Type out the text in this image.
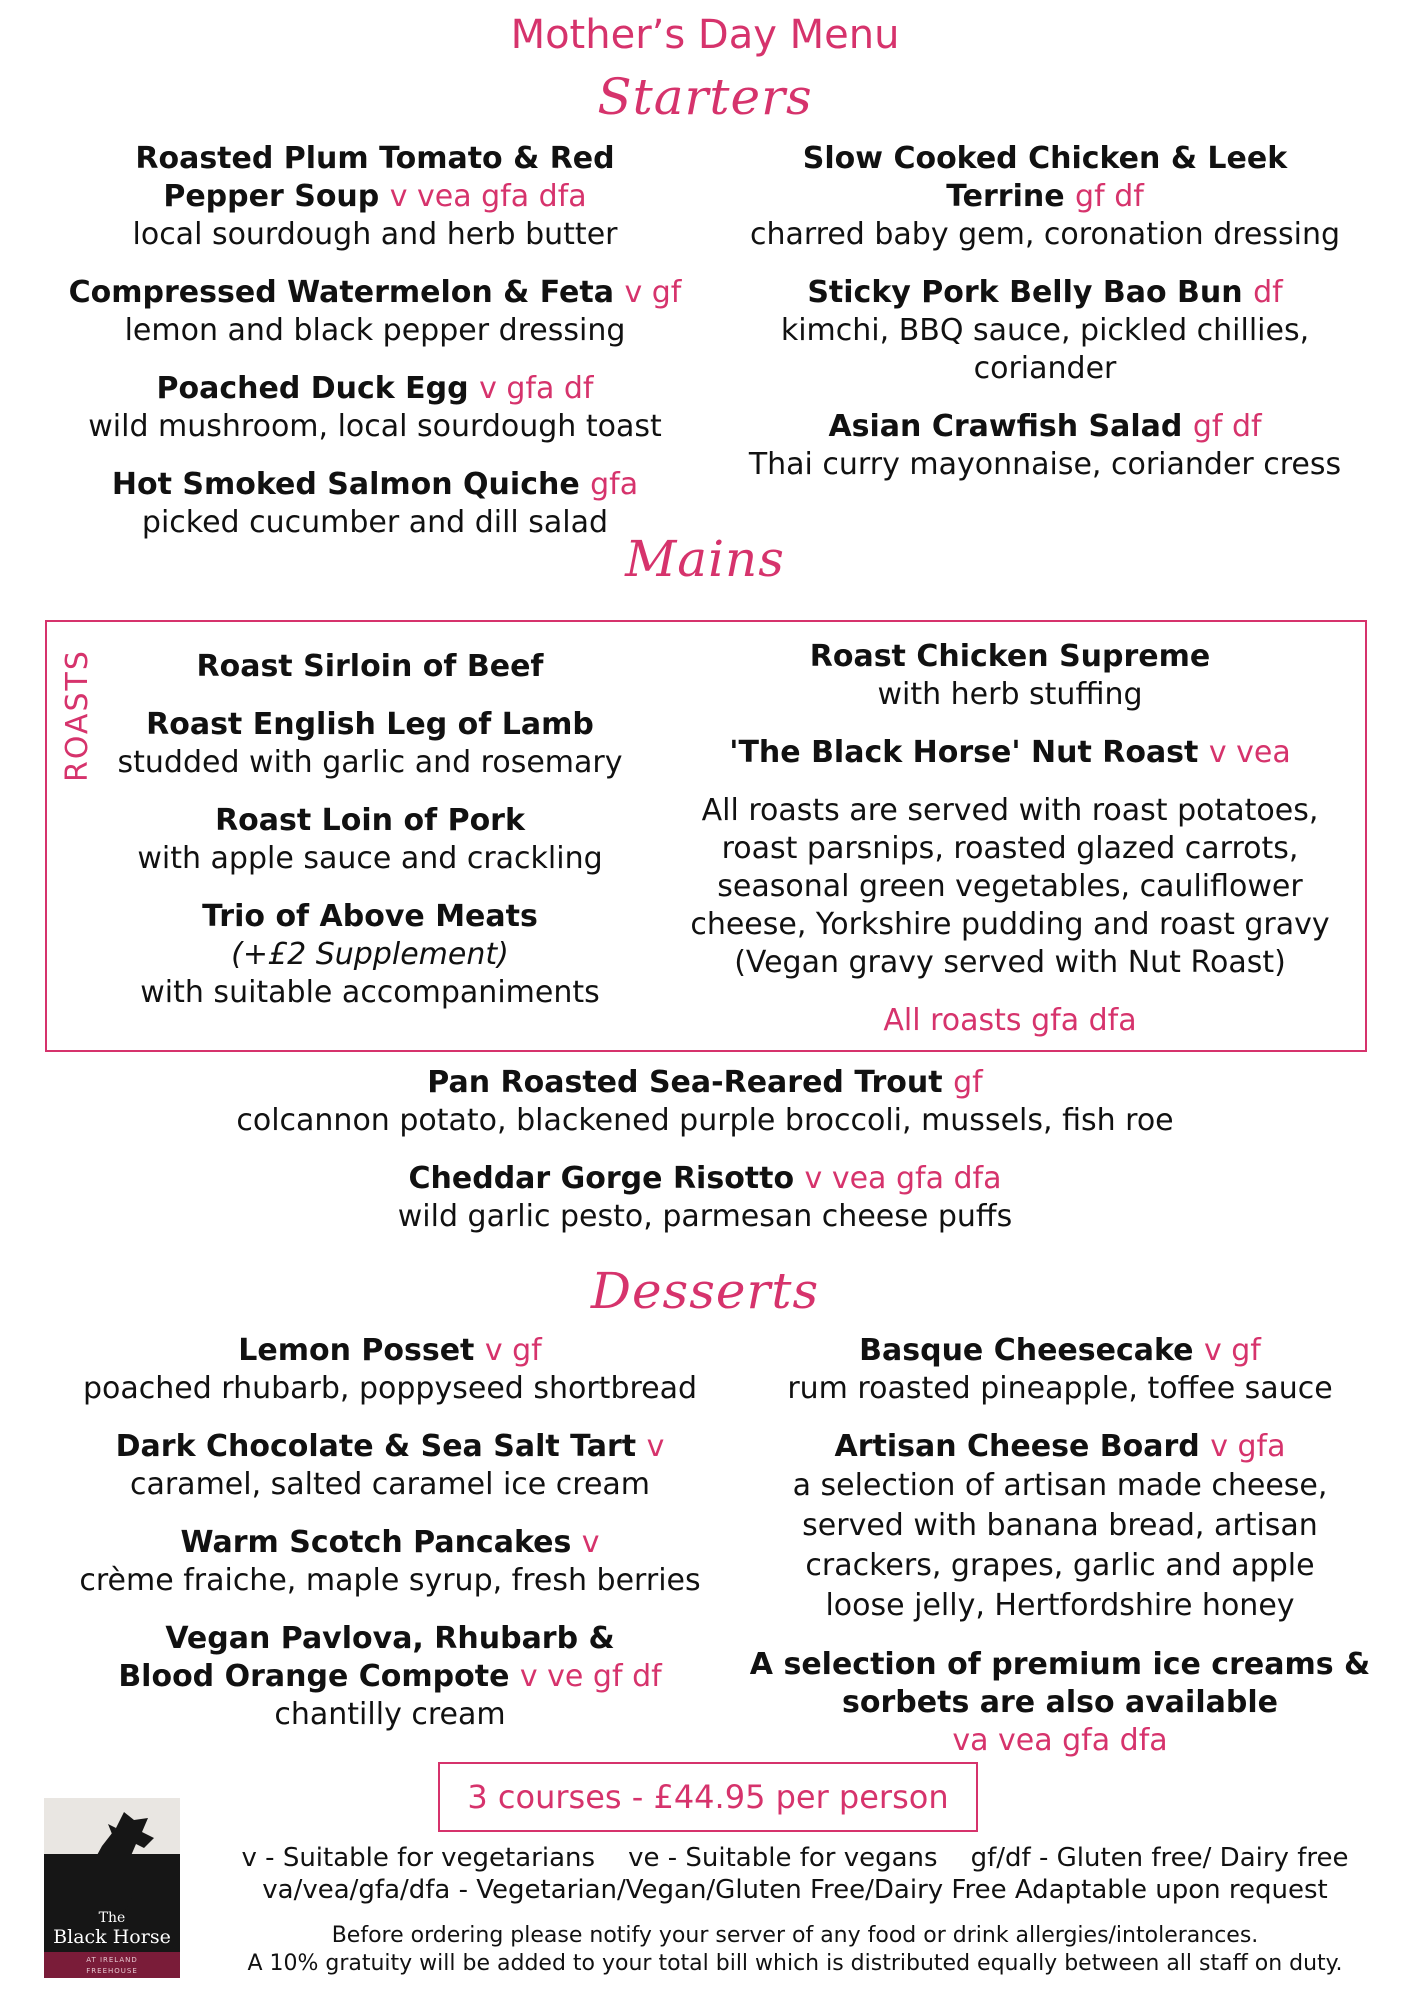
Mother’s Day Menu
Starters
Roasted Plum Tomato & Red
Pepper Soup v vea gfa dfa
local sourdough and herb butter
Compressed Watermelon & Feta v gf
lemon and black pepper dressing
Poached Duck Egg v gfa df
wild mushroom, local sourdough toast
Hot Smoked Salmon Quiche gfa
picked cucumber and dill salad
Slow Cooked Chicken & Leek
Terrine gf df
charred baby gem, coronation dressing
Sticky Pork Belly Bao Bun df
kimchi, BBQ sauce, pickled chillies,
coriander
Asian Crawfish Salad gf df
Thai curry mayonnaise, coriander cress
Mains
ROASTS	Roast Sirloin of Beef
Roast English Leg of Lamb
studded with garlic and rosemary
Roast Loin of Pork
with apple sauce and crackling
Trio of Above Meats
(+£2 Supplement)
with suitable accompaniments
Roast Chicken Supreme
with herb stuffing
'The Black Horse' Nut Roast v vea
All roasts are served with roast potatoes,
roast parsnips, roasted glazed carrots,
seasonal green vegetables, cauliflower
cheese, Yorkshire pudding and roast gravy
(Vegan gravy served with Nut Roast)
All roasts gfa dfa
Pan Roasted Sea-Reared Trout gf
colcannon potato, blackened purple broccoli, mussels, fish roe
Cheddar Gorge Risotto v vea gfa dfa
wild garlic pesto, parmesan cheese puffs
Desserts
Lemon Posset v gf
poached rhubarb, poppyseed shortbread
Dark Chocolate & Sea Salt Tart v
caramel, salted caramel ice cream
Warm Scotch Pancakes v
crème fraiche, maple syrup, fresh berries
Vegan Pavlova, Rhubarb &
Blood Orange Compote v ve gf df
chantilly cream
Basque Cheesecake v gf
rum roasted pineapple, toffee sauce
Artisan Cheese Board v gfa
a selection of artisan made cheese,
served with banana bread, artisan
crackers, grapes, garlic and apple
loose jelly, Hertfordshire honey
A selection of premium ice creams &
sorbets are also available
va vea gfa dfa
3 courses - £44.95 per person
The
Black Horse
AT IRELAND
FREEHOUSE
v - Suitable for vegetarians    ve - Suitable for vegans    gf/df - Gluten free/ Dairy free
va/vea/gfa/dfa - Vegetarian/Vegan/Gluten Free/Dairy Free Adaptable upon request
Before ordering please notify your server of any food or drink allergies/intolerances.
A 10% gratuity will be added to your total bill which is distributed equally between all staff on duty.
